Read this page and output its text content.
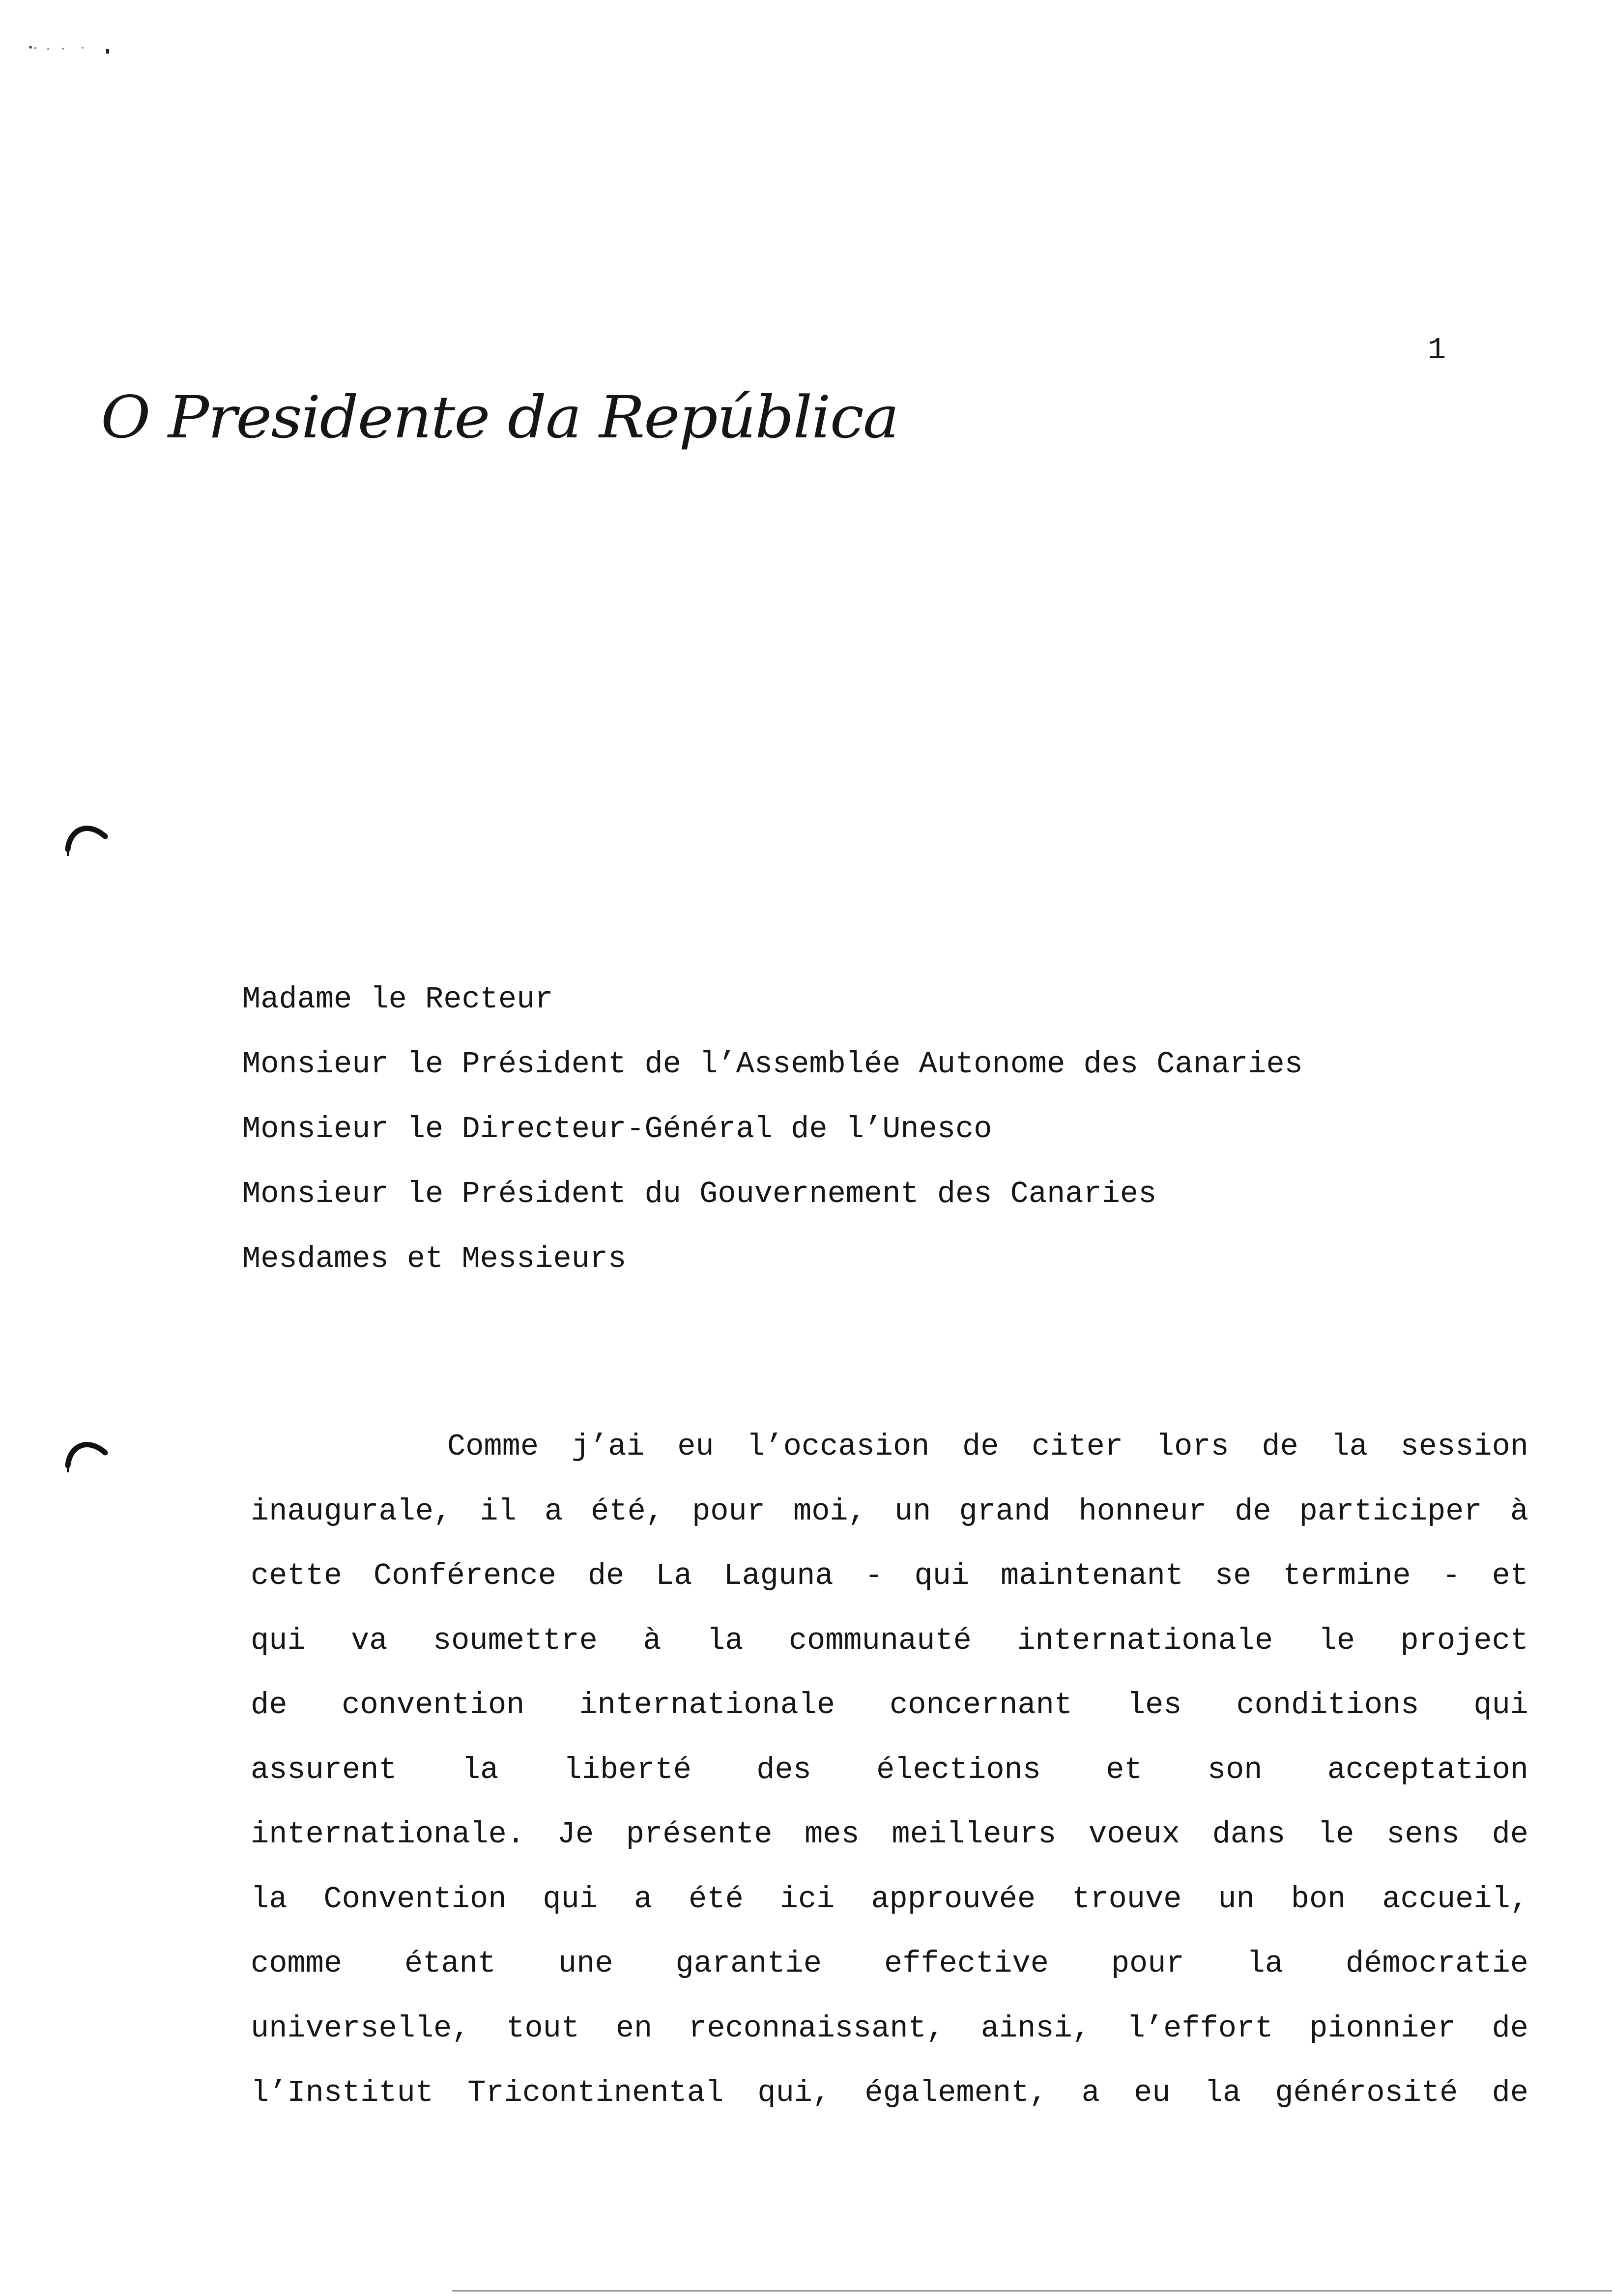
1
O Presidente da República
Madame le Recteur
Monsieur le Président de l’Assemblée Autonome des Canaries
Monsieur le Directeur-Général de l’Unesco
Monsieur le Président du Gouvernement des Canaries
Mesdames et Messieurs
Comme j’ai eu l’occasion de citer lors de la session
inaugurale, il a été, pour moi, un grand honneur de participer à
cette Conférence de La Laguna - qui maintenant se termine - et
qui va soumettre à la communauté internationale le project
de convention internationale concernant les conditions qui
assurent la liberté des élections et son acceptation
internationale. Je présente mes meilleurs voeux dans le sens de
la Convention qui a été ici approuvée trouve un bon accueil,
comme étant une garantie effective pour la démocratie
universelle, tout en reconnaissant, ainsi, l’effort pionnier de
l’Institut Tricontinental qui, également, a eu la générosité de
